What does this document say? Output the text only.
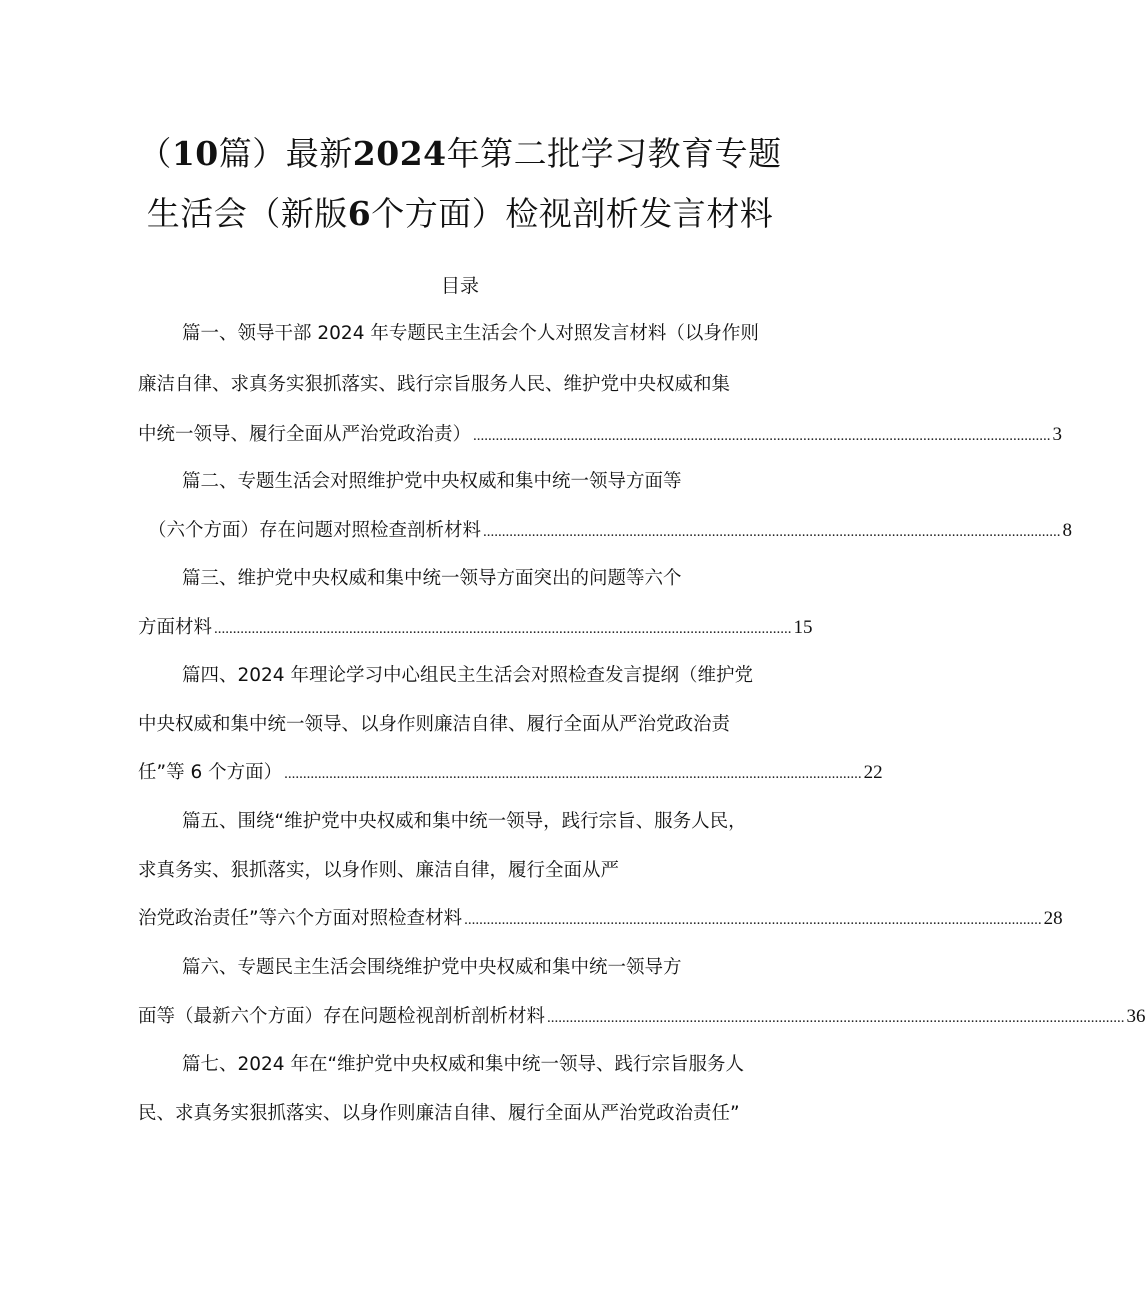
（10篇）最新2024年第二批学习教育专题
生活会（新版6个方面）检视剖析发言材料
目录
篇一、领导干部 2024 年专题民主生活会个人对照发言材料（以身作则
廉洁自律、求真务实狠抓落实、践行宗旨服务人民、维护党中央权威和集
中统一领导、履行全面从严治党政治责） .......................................................................................................................................................... 3
篇二、专题生活会对照维护党中央权威和集中统一领导方面等
（六个方面）存在问题对照检查剖析材料 .......................................................................................................................................................... 8
篇三、维护党中央权威和集中统一领导方面突出的问题等六个
方面材料 .......................................................................................................................................................... 15
篇四、2024 年理论学习中心组民主生活会对照检查发言提纲（维护党
中央权威和集中统一领导、以身作则廉洁自律、履行全面从严治党政治责
任”等 6 个方面） .......................................................................................................................................................... 22
篇五、围绕“维护党中央权威和集中统一领导，践行宗旨、服务人民，
求真务实、狠抓落实，以身作则、廉洁自律，履行全面从严
治党政治责任”等六个方面对照检查材料 .......................................................................................................................................................... 28
篇六、专题民主生活会围绕维护党中央权威和集中统一领导方
面等（最新六个方面）存在问题检视剖析剖析材料 .......................................................................................................................................................... 36
篇七、2024 年在“维护党中央权威和集中统一领导、践行宗旨服务人
民、求真务实狠抓落实、以身作则廉洁自律、履行全面从严治党政治责任”
